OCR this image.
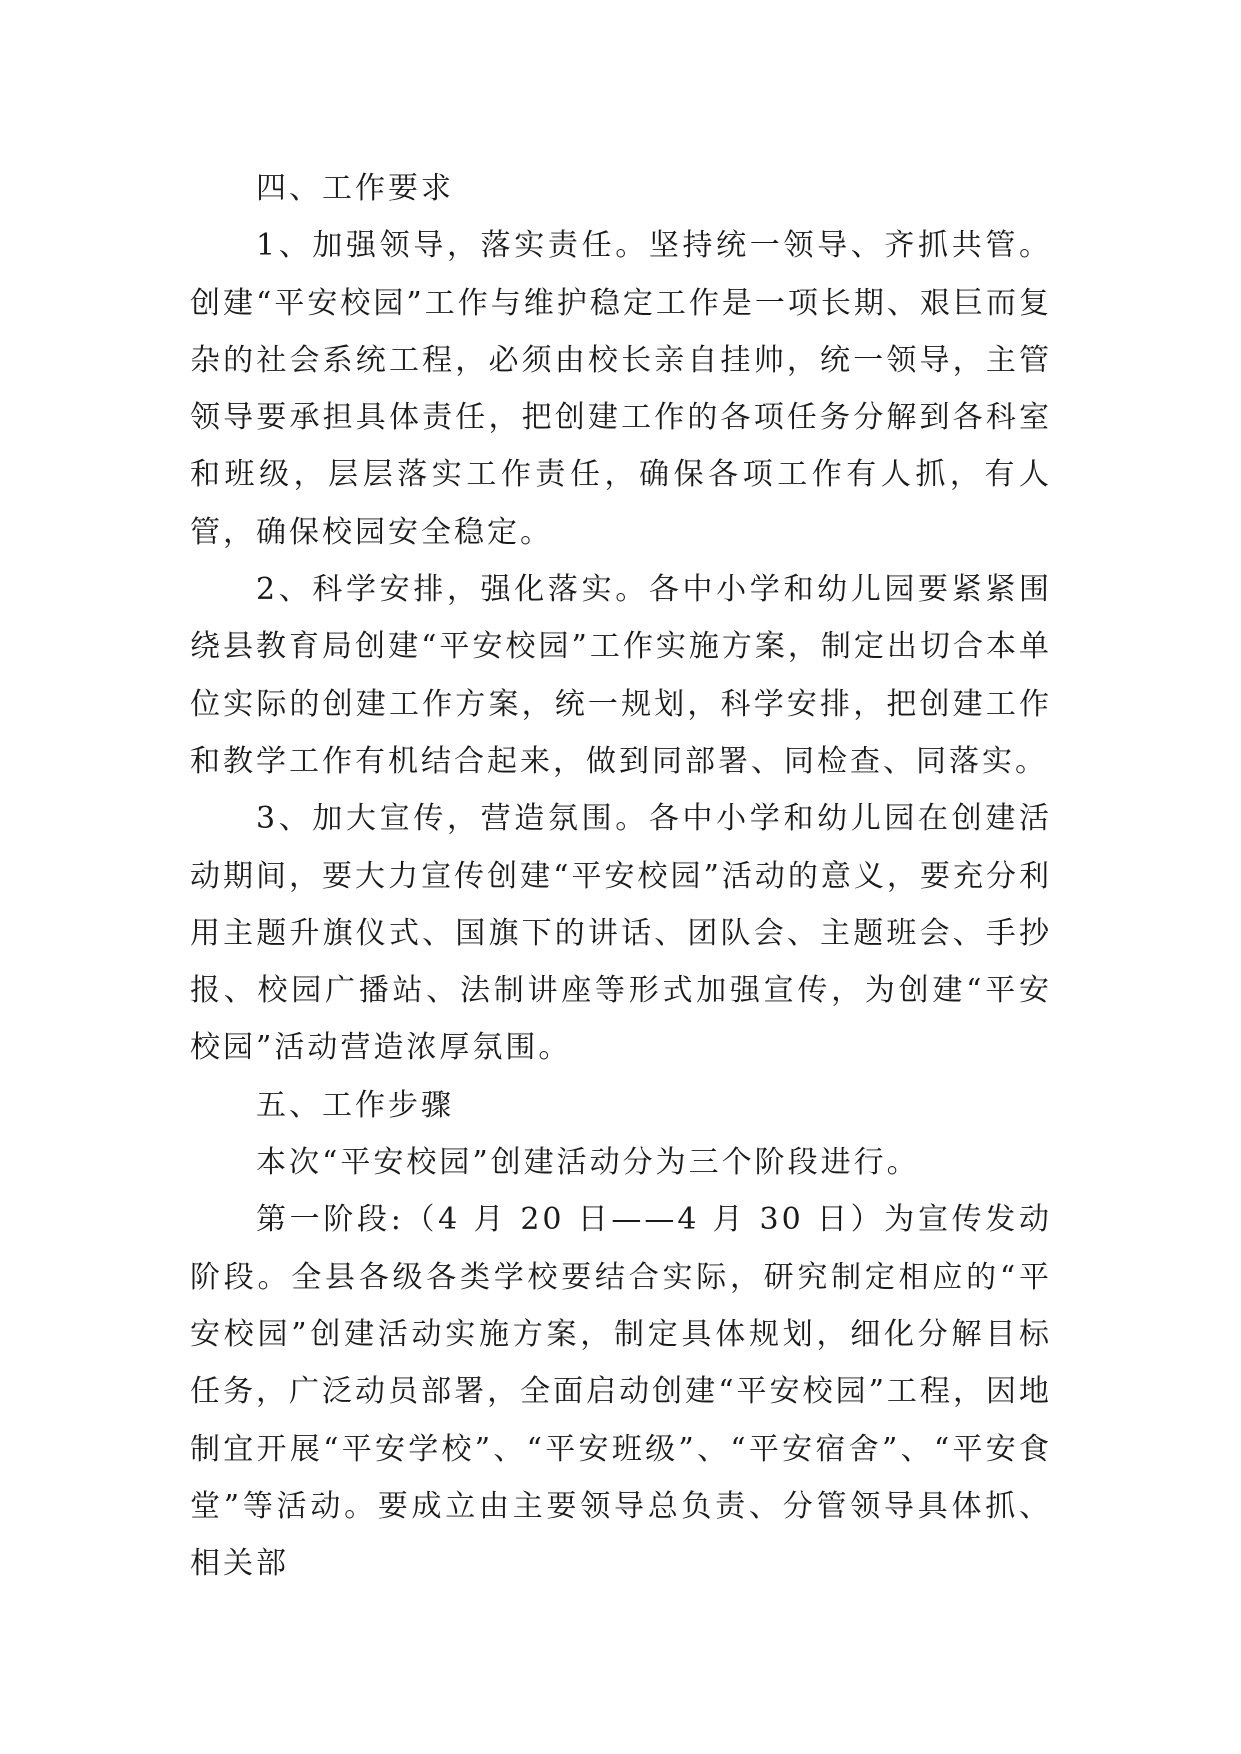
四、工作要求

1、加强领导，落实责任。坚持统一领导、齐抓共管。创建“平安校园”工作与维护稳定工作是一项长期、艰巨而复杂的社会系统工程，必须由校长亲自挂帅，统一领导，主管领导要承担具体责任，把创建工作的各项任务分解到各科室和班级，层层落实工作责任，确保各项工作有人抓，有人管，确保校园安全稳定。

2、科学安排，强化落实。各中小学和幼儿园要紧紧围绕县教育局创建“平安校园”工作实施方案，制定出切合本单位实际的创建工作方案，统一规划，科学安排，把创建工作和教学工作有机结合起来，做到同部署、同检查、同落实。

3、加大宣传，营造氛围。各中小学和幼儿园在创建活动期间，要大力宣传创建“平安校园”活动的意义，要充分利用主题升旗仪式、国旗下的讲话、团队会、主题班会、手抄报、校园广播站、法制讲座等形式加强宣传，为创建“平安校园”活动营造浓厚氛围。

五、工作步骤

本次“平安校园”创建活动分为三个阶段进行。

第一阶段:（4 月 20 日——4 月 30 日）为宣传发动阶段。全县各级各类学校要结合实际，研究制定相应的“平安校园”创建活动实施方案，制定具体规划，细化分解目标任务，广泛动员部署，全面启动创建“平安校园”工程，因地制宜开展“平安学校”、“平安班级”、“平安宿舍”、“平安食堂”等活动。要成立由主要领导总负责、分管领导具体抓、相关部
